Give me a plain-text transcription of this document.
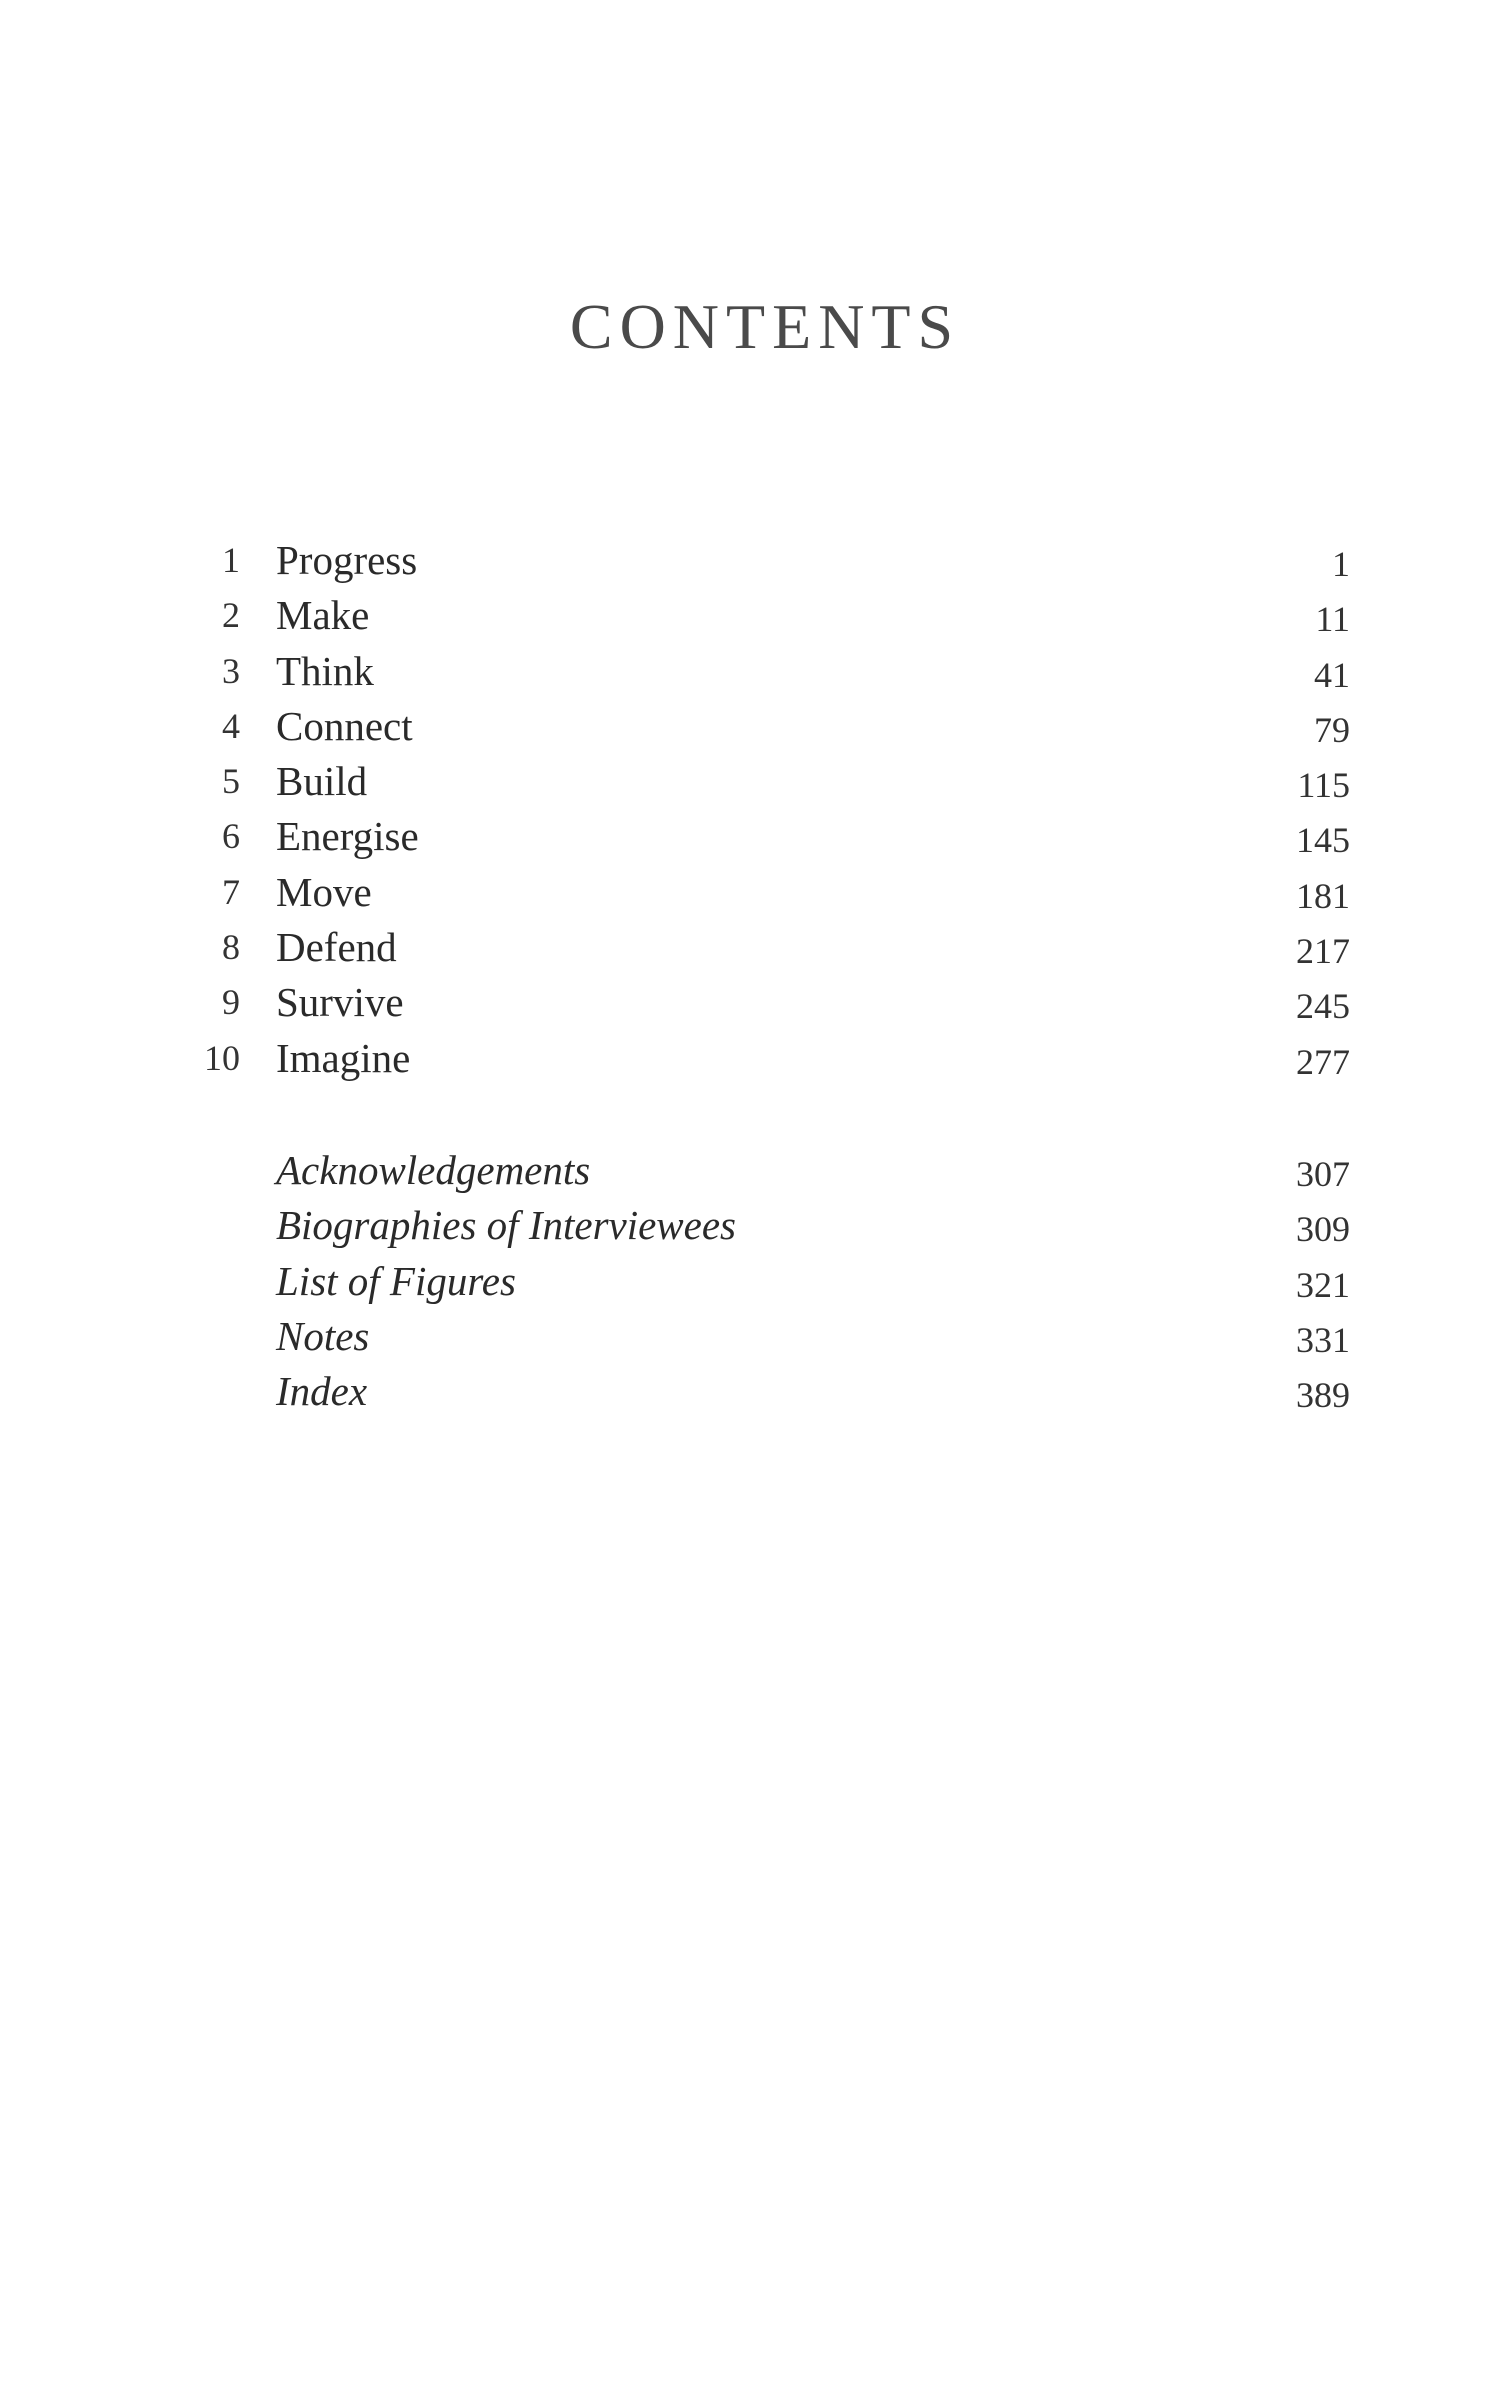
CONTENTS
1 Progress	1
2 Make	11
3 Think	41
4 Connect	79
5 Build	115
6 Energise	145
7 Move	181
8 Defend	217
9 Survive	245
10 Imagine	277
Acknowledgements	307
Biographies of Interviewees	309
List of Figures	321
Notes	331
Index	389
